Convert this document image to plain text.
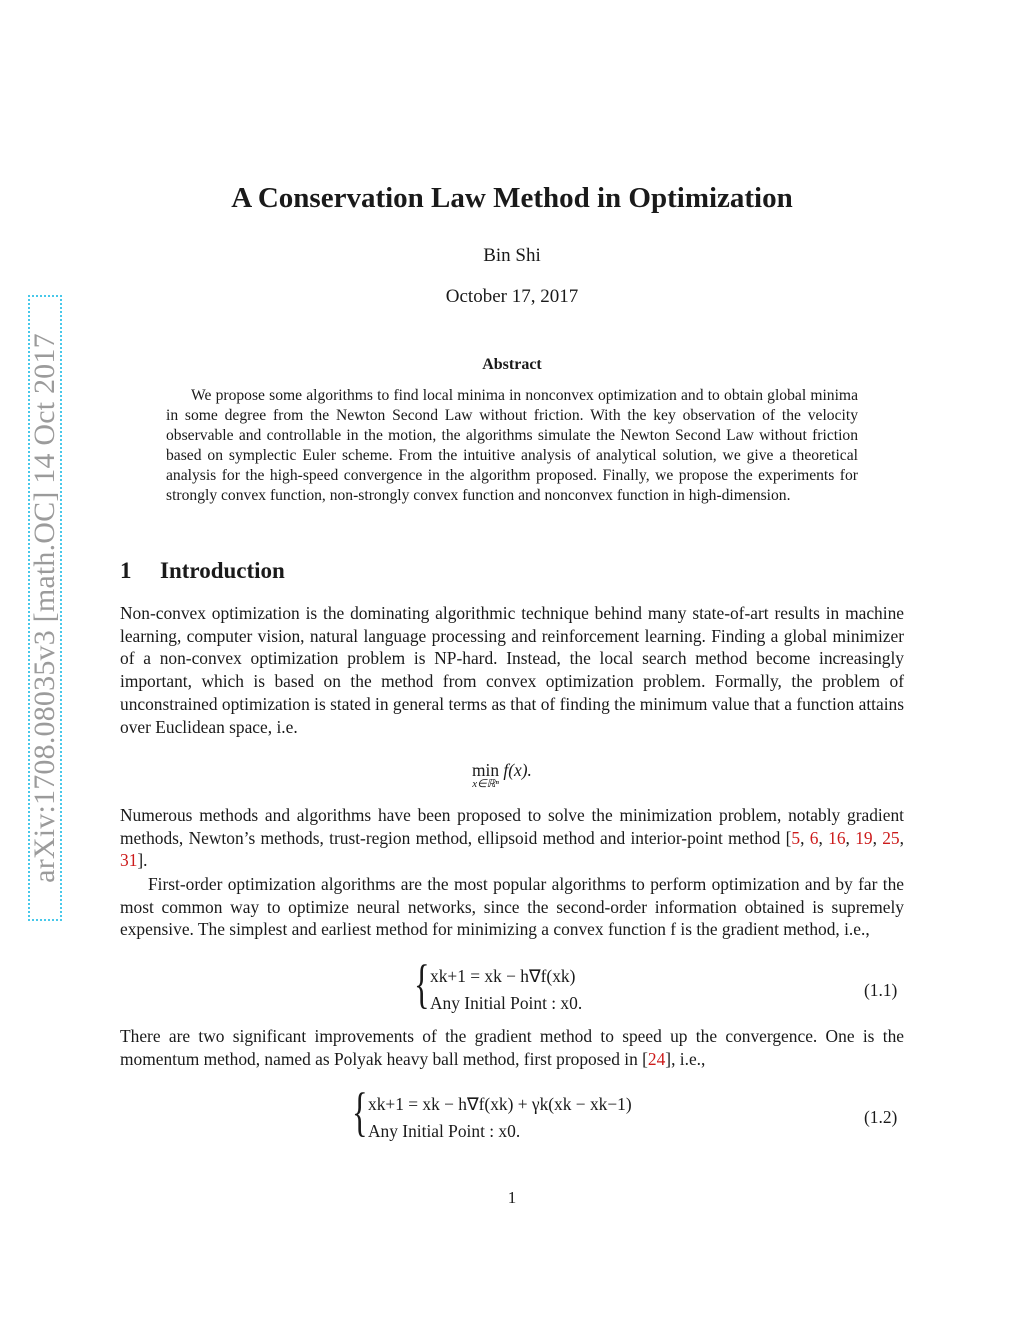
arXiv:1708.08035v3 [math.OC] 14 Oct 2017
A Conservation Law Method in Optimization
Bin Shi
October 17, 2017
Abstract

We propose some algorithms to find local minima in nonconvex optimization and to obtain global minima in some degree from the Newton Second Law without friction. With the key observation of the velocity observable and controllable in the motion, the algorithms simulate the Newton Second Law without friction based on symplectic Euler scheme. From the intuitive analysis of analytical solution, we give a theoretical analysis for the high-speed convergence in the algorithm proposed. Finally, we propose the experiments for strongly convex function, non-strongly convex function and nonconvex function in high-dimension.

1 Introduction

Non-convex optimization is the dominating algorithmic technique behind many state-of-art results in machine learning, computer vision, natural language processing and reinforcement learning. Finding a global minimizer of a non-convex optimization problem is NP-hard. Instead, the local search method become increasingly important, which is based on the method from convex optimization problem. Formally, the problem of unconstrained optimization is stated in general terms as that of finding the minimum value that a function attains over Euclidean space, i.e.

min
x∈ℝⁿ
f(x).

Numerous methods and algorithms have been proposed to solve the minimization problem, notably gradient methods, Newton’s methods, trust-region method, ellipsoid method and interior-point method [5, 6, 16, 19, 25, 31].

First-order optimization algorithms are the most popular algorithms to perform optimization and by far the most common way to optimize neural networks, since the second-order information obtained is supremely expensive. The simplest and earliest method for minimizing a convex function f is the gradient method, i.e.,

{ xk+1 = xk − h∇f(xk)
Any Initial Point : x0.
(1.1)

There are two significant improvements of the gradient method to speed up the convergence. One is the momentum method, named as Polyak heavy ball method, first proposed in [24], i.e.,

{ xk+1 = xk − h∇f(xk) + γk(xk − xk−1)
Any Initial Point : x0.
(1.2)
1
